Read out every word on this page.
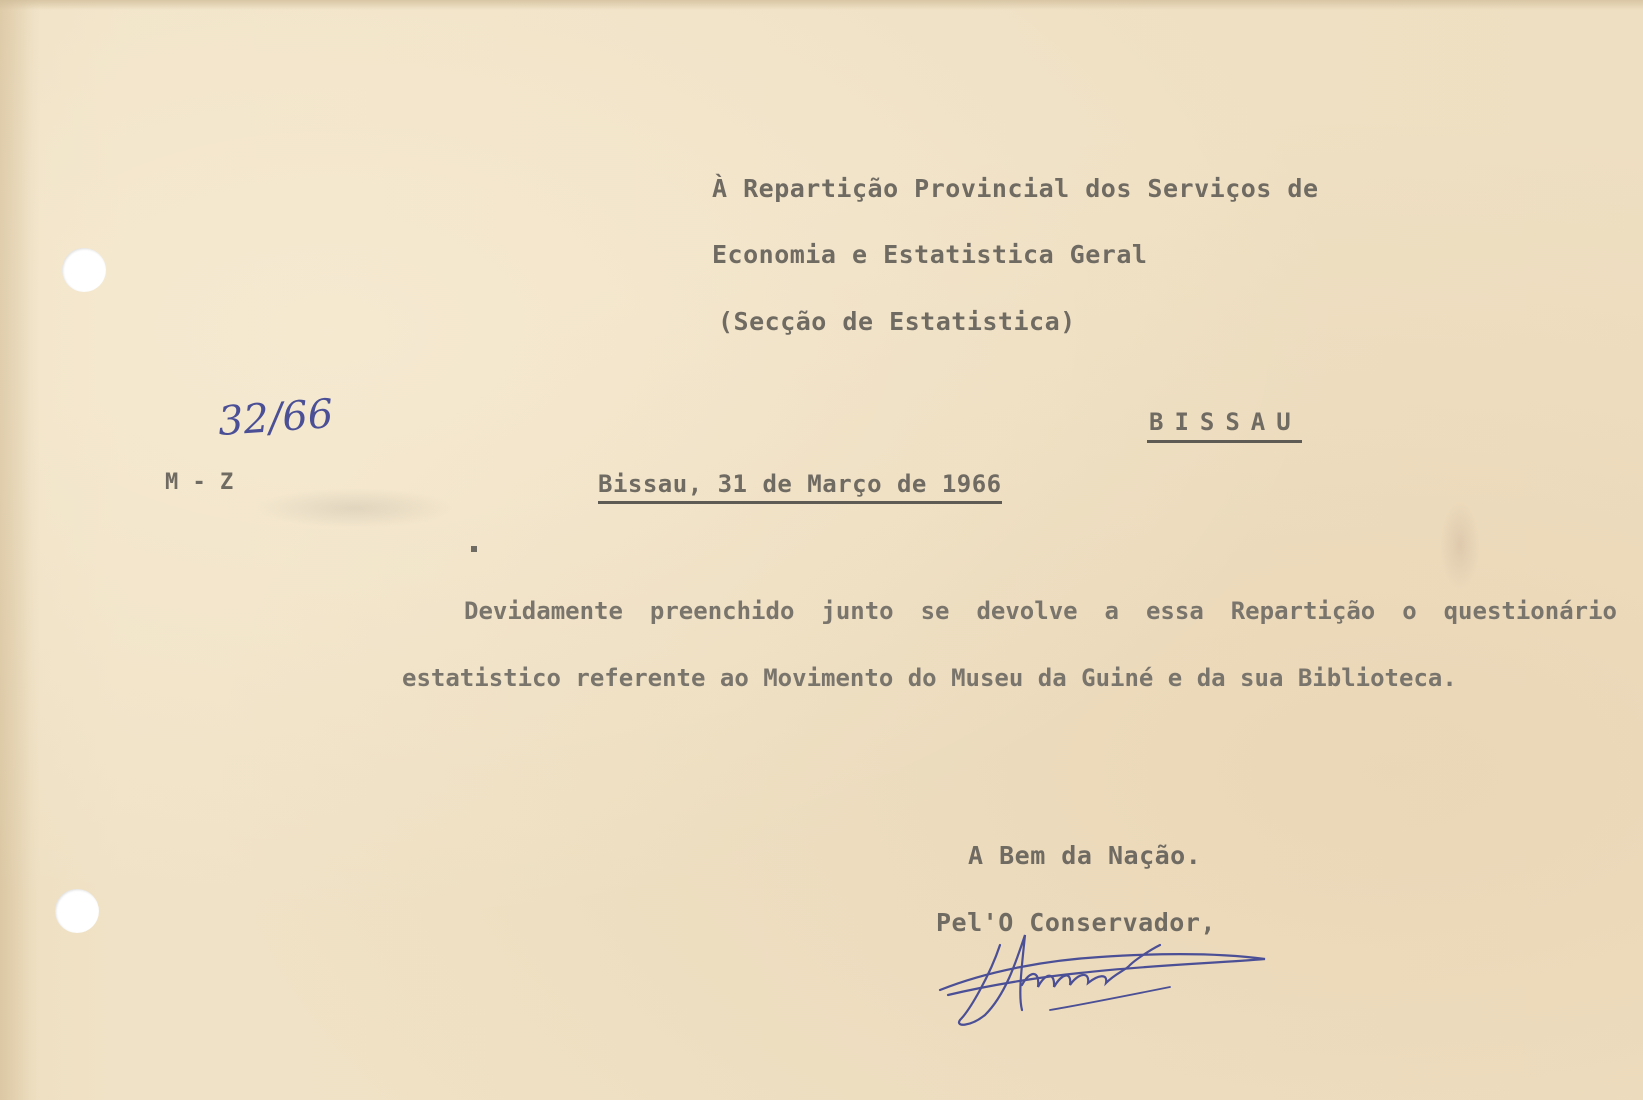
À Repartição Provincial dos Serviços de
Economia e Estatistica Geral
(Secção de Estatistica)
BISSAU
32/66
M - Z	Bissau, 31 de Março de 1966
Devidamente preenchido junto se devolve a essa Repartição o questionário estatistico referente ao Movimento do Museu da Guiné e da sua Biblioteca.
A Bem da Nação.
Pel'O Conservador,
